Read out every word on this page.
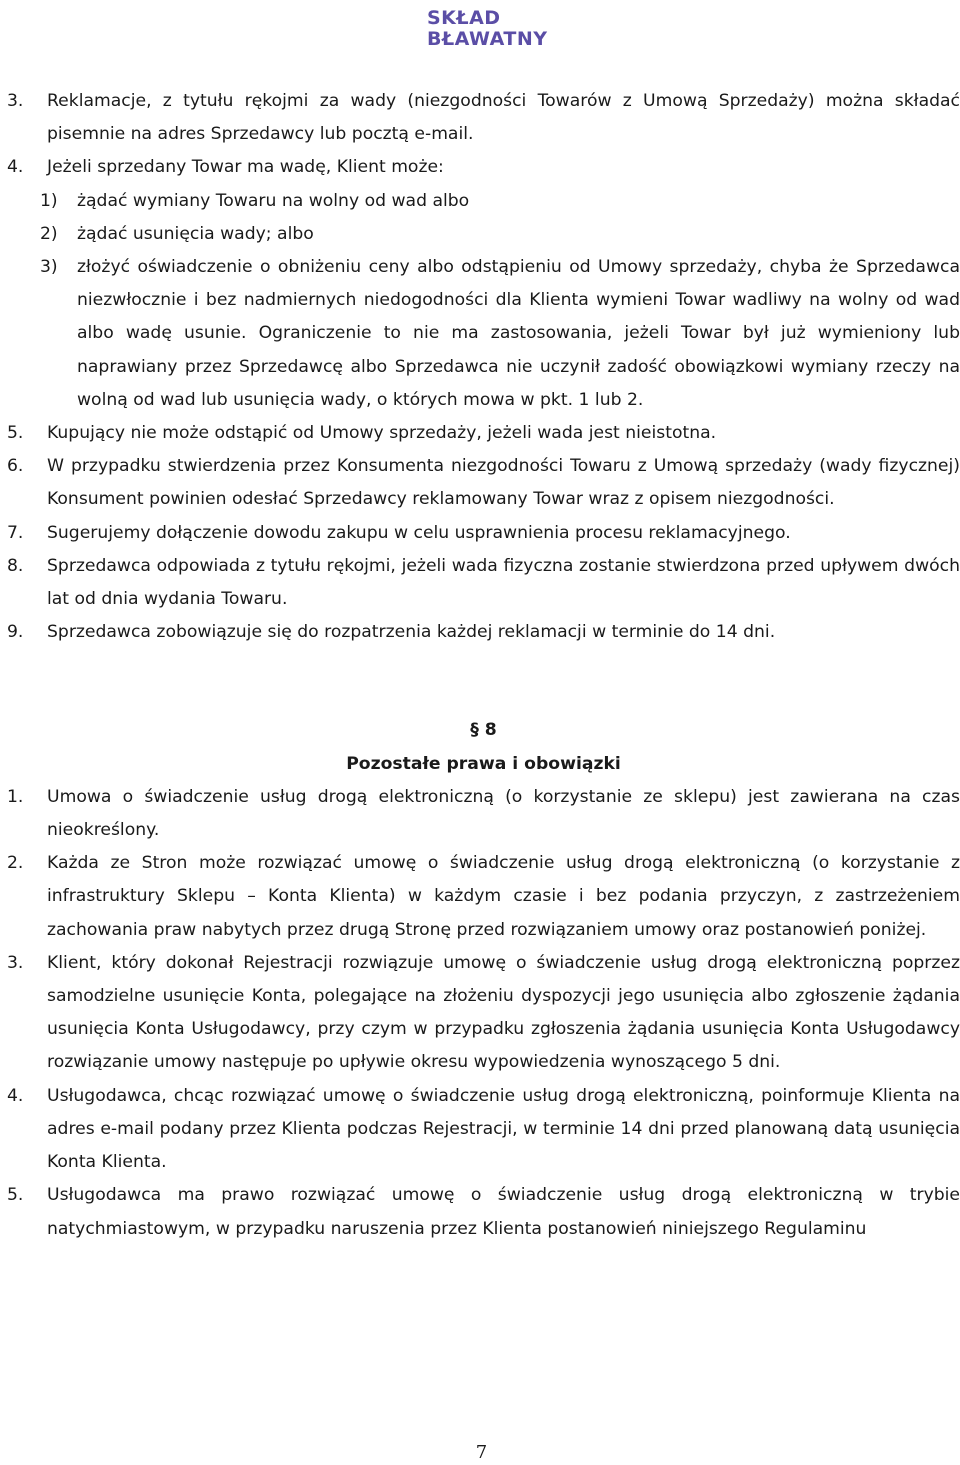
SKŁAD
BŁAWATNY
3. Reklamacje, z tytułu rękojmi za wady (niezgodności Towarów z Umową Sprzedaży) można składać pisemnie na adres Sprzedawcy lub pocztą e-mail.
4. Jeżeli sprzedany Towar ma wadę, Klient może:
1) żądać wymiany Towaru na wolny od wad albo
2) żądać usunięcia wady; albo
3) złożyć oświadczenie o obniżeniu ceny albo odstąpieniu od Umowy sprzedaży, chyba że Sprzedawca niezwłocznie i bez nadmiernych niedogodności dla Klienta wymieni Towar wadliwy na wolny od wad albo wadę usunie. Ograniczenie to nie ma zastosowania, jeżeli Towar był już wymieniony lub naprawiany przez Sprzedawcę albo Sprzedawca nie uczynił zadość obowiązkowi wymiany rzeczy na wolną od wad lub usunięcia wady, o których mowa w pkt. 1 lub 2.
5. Kupujący nie może odstąpić od Umowy sprzedaży, jeżeli wada jest nieistotna.
6. W przypadku stwierdzenia przez Konsumenta niezgodności Towaru z Umową sprzedaży (wady fizycznej) Konsument powinien odesłać Sprzedawcy reklamowany Towar wraz z opisem niezgodności.
7. Sugerujemy dołączenie dowodu zakupu w celu usprawnienia procesu reklamacyjnego.
8. Sprzedawca odpowiada z tytułu rękojmi, jeżeli wada fizyczna zostanie stwierdzona przed upływem dwóch lat od dnia wydania Towaru.
9. Sprzedawca zobowiązuje się do rozpatrzenia każdej reklamacji w terminie do 14 dni.
§ 8
Pozostałe prawa i obowiązki
1. Umowa o świadczenie usług drogą elektroniczną (o korzystanie ze sklepu) jest zawierana na czas nieokreślony.
2. Każda ze Stron może rozwiązać umowę o świadczenie usług drogą elektroniczną (o korzystanie z infrastruktury Sklepu – Konta Klienta) w każdym czasie i bez podania przyczyn, z zastrzeżeniem zachowania praw nabytych przez drugą Stronę przed rozwiązaniem umowy oraz postanowień poniżej.
3. Klient, który dokonał Rejestracji rozwiązuje umowę o świadczenie usług drogą elektroniczną poprzez samodzielne usunięcie Konta, polegające na złożeniu dyspozycji jego usunięcia albo zgłoszenie żądania usunięcia Konta Usługodawcy, przy czym w przypadku zgłoszenia żądania usunięcia Konta Usługodawcy rozwiązanie umowy następuje po upływie okresu wypowiedzenia wynoszącego 5 dni.
4. Usługodawca, chcąc rozwiązać umowę o świadczenie usług drogą elektroniczną, poinformuje Klienta na adres e-mail podany przez Klienta podczas Rejestracji, w terminie 14 dni przed planowaną datą usunięcia Konta Klienta.
5. Usługodawca ma prawo rozwiązać umowę o świadczenie usług drogą elektroniczną w trybie natychmiastowym, w przypadku naruszenia przez Klienta postanowień niniejszego Regulaminu
7
